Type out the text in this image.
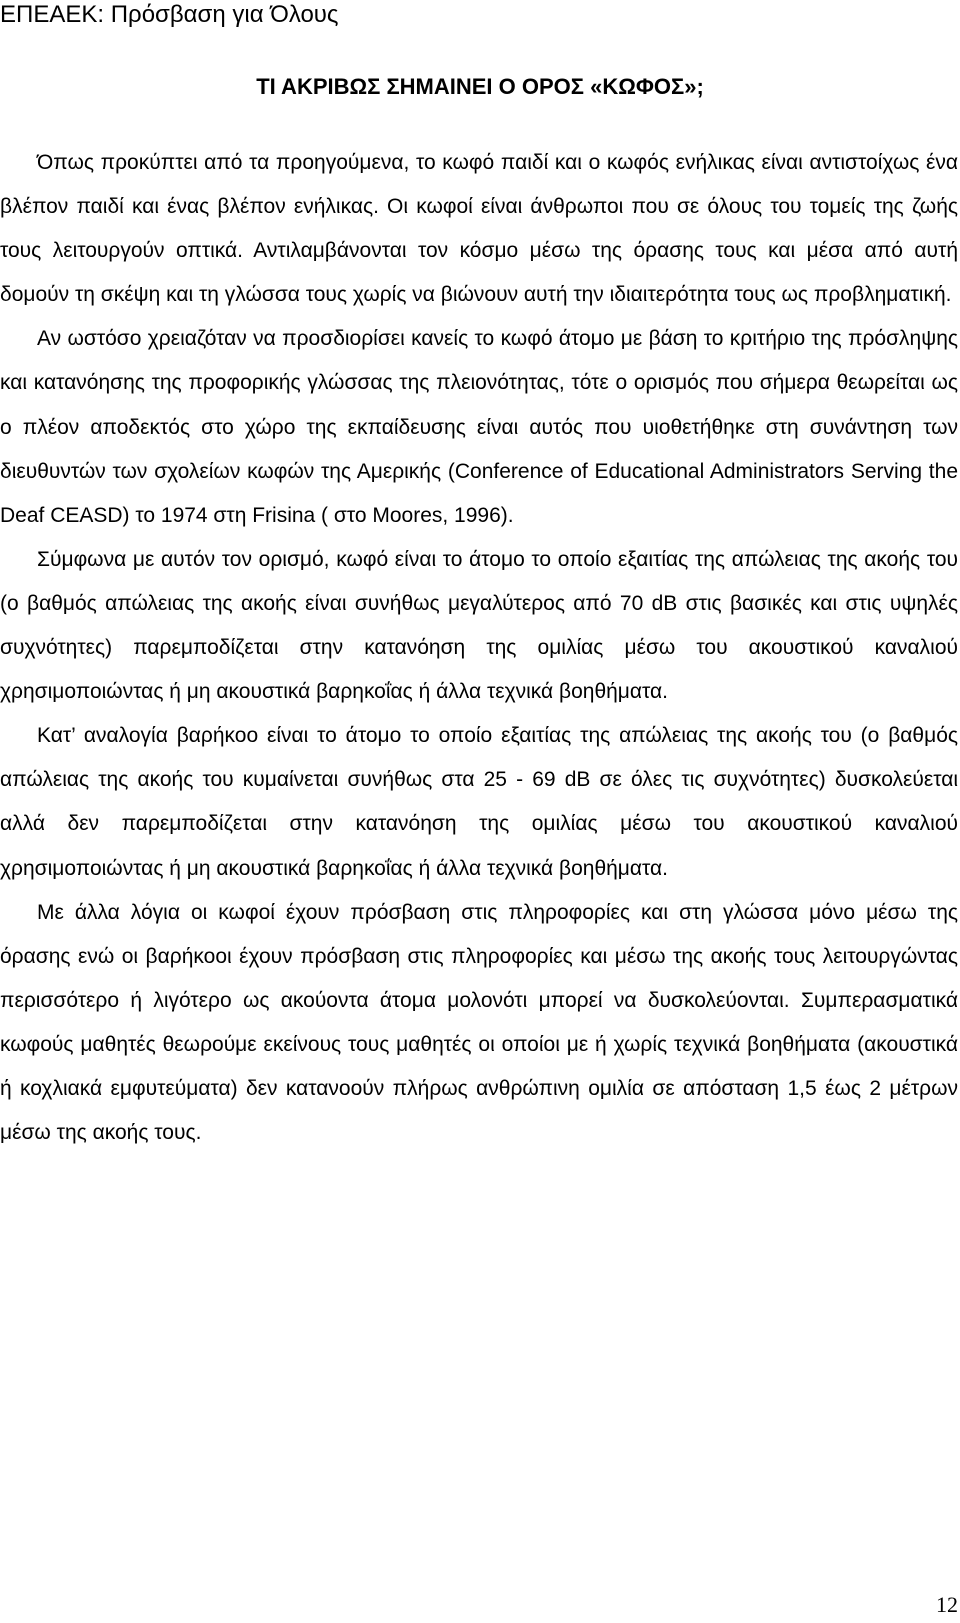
ΕΠΕΑΕΚ: Πρόσβαση για Όλους
ΤΙ ΑΚΡΙΒΩΣ ΣΗΜΑΙΝΕΙ Ο ΟΡΟΣ «ΚΩΦΟΣ»;

Όπως προκύπτει από τα προηγούμενα, το κωφό παιδί και ο κωφός ενήλικας είναι αντιστοίχως ένα βλέπον παιδί και ένας βλέπον ενήλικας. Οι κωφοί είναι άνθρωποι που σε όλους του τομείς της ζωής τους λειτουργούν οπτικά. Αντιλαμβάνονται τον κόσμο μέσω της όρασης τους και μέσα από αυτή δομούν τη σκέψη και τη γλώσσα τους χωρίς να βιώνουν αυτή την ιδιαιτερότητα τους ως προβληματική.

Αν ωστόσο χρειαζόταν να προσδιορίσει κανείς το κωφό άτομο με βάση το κριτήριο της πρόσληψης και κατανόησης της προφορικής γλώσσας της πλειονότητας, τότε ο ορισμός που σήμερα θεωρείται ως ο πλέον αποδεκτός στο χώρο της εκπαίδευσης είναι αυτός που υιοθετήθηκε στη συνάντηση των διευθυντών των σχολείων κωφών της Αμερικής (Conference of Educational Administrators Serving the Deaf CEASD) το 1974 στη Frisina ( στο Moores, 1996).

Σύμφωνα με αυτόν τον ορισμό, κωφό είναι το άτομο το οποίο εξαιτίας της απώλειας της ακοής του (ο βαθμός απώλειας της ακοής είναι συνήθως μεγαλύτερος από 70 dB στις βασικές και στις υψηλές συχνότητες) παρεμποδίζεται στην κατανόηση της ομιλίας μέσω του ακουστικού καναλιού χρησιμοποιώντας ή μη ακουστικά βαρηκοΐας ή άλλα τεχνικά βοηθήματα.

Κατ’ αναλογία βαρήκοο είναι το άτομο το οποίο εξαιτίας της απώλειας της ακοής του (ο βαθμός απώλειας της ακοής του κυμαίνεται συνήθως στα 25 - 69 dB σε όλες τις συχνότητες) δυσκολεύεται αλλά δεν παρεμποδίζεται στην κατανόηση της ομιλίας μέσω του ακουστικού καναλιού χρησιμοποιώντας ή μη ακουστικά βαρηκοΐας ή άλλα τεχνικά βοηθήματα.

Με άλλα λόγια οι κωφοί έχουν πρόσβαση στις πληροφορίες και στη γλώσσα μόνο μέσω της όρασης ενώ οι βαρήκοοι έχουν πρόσβαση στις πληροφορίες και μέσω της ακοής τους λειτουργώντας περισσότερο ή λιγότερο ως ακούοντα άτομα μολονότι μπορεί να δυσκολεύονται. Συμπερασματικά κωφούς μαθητές θεωρούμε εκείνους τους μαθητές οι οποίοι με ή χωρίς τεχνικά βοηθήματα (ακουστικά ή κοχλιακά εμφυτεύματα) δεν κατανοούν πλήρως ανθρώπινη ομιλία σε απόσταση 1,5 έως 2 μέτρων μέσω της ακοής τους.

12
